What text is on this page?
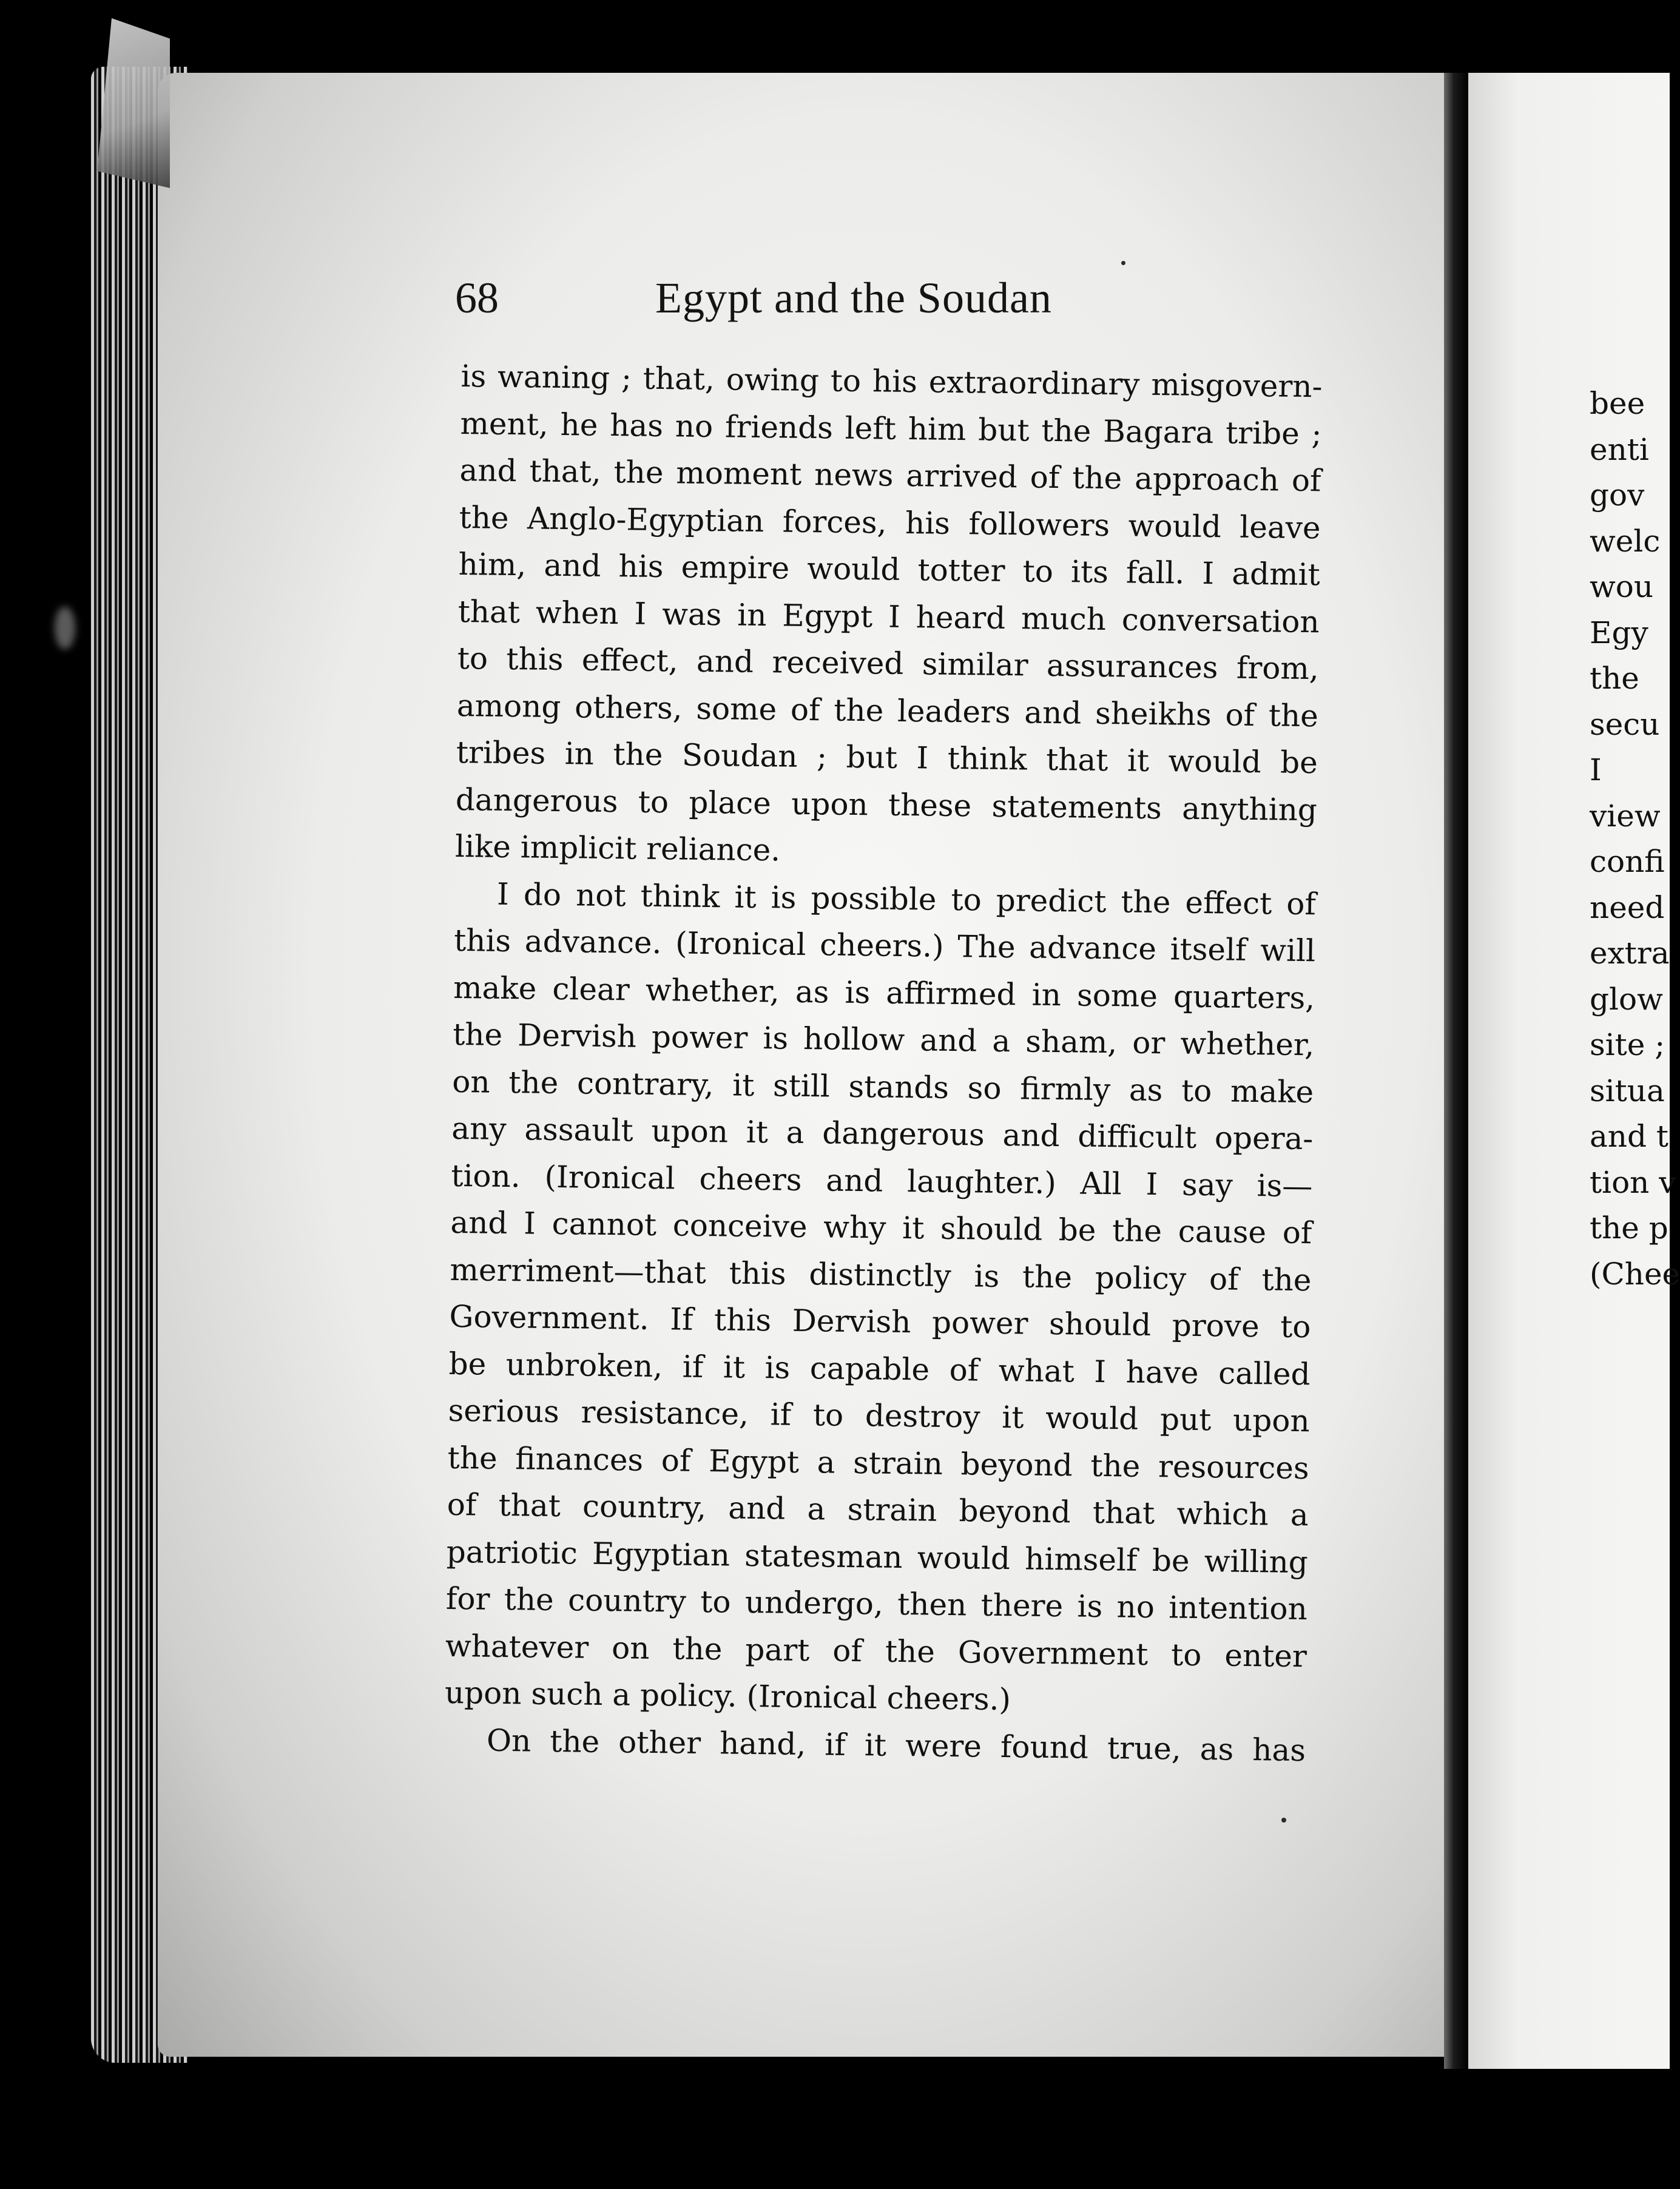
68	Egypt and the Soudan
is waning ; that, owing to his extraordinary misgovern-
ment, he has no friends left him but the Bagara tribe ;
and that, the moment news arrived of the approach of
the Anglo-Egyptian forces, his followers would leave
him, and his empire would totter to its fall. I admit
that when I was in Egypt I heard much conversation
to this effect, and received similar assurances from,
among others, some of the leaders and sheikhs of the
tribes in the Soudan ; but I think that it would be
dangerous to place upon these statements anything
like implicit reliance.
I do not think it is possible to predict the effect of
this advance. (Ironical cheers.) The advance itself will
make clear whether, as is affirmed in some quarters,
the Dervish power is hollow and a sham, or whether,
on the contrary, it still stands so firmly as to make
any assault upon it a dangerous and difficult opera-
tion. (Ironical cheers and laughter.) All I say is—
and I cannot conceive why it should be the cause of
merriment—that this distinctly is the policy of the
Government. If this Dervish power should prove to
be unbroken, if it is capable of what I have called
serious resistance, if to destroy it would put upon
the finances of Egypt a strain beyond the resources
of that country, and a strain beyond that which a
patriotic Egyptian statesman would himself be willing
for the country to undergo, then there is no intention
whatever on the part of the Government to enter
upon such a policy. (Ironical cheers.)
On the other hand, if it were found true, as has
bee
enti
gov
welc
wou
Egy
the
secu
I
view
confi
need
extra
glow
site ;
situa
and t
tion v
the p
(Chee
